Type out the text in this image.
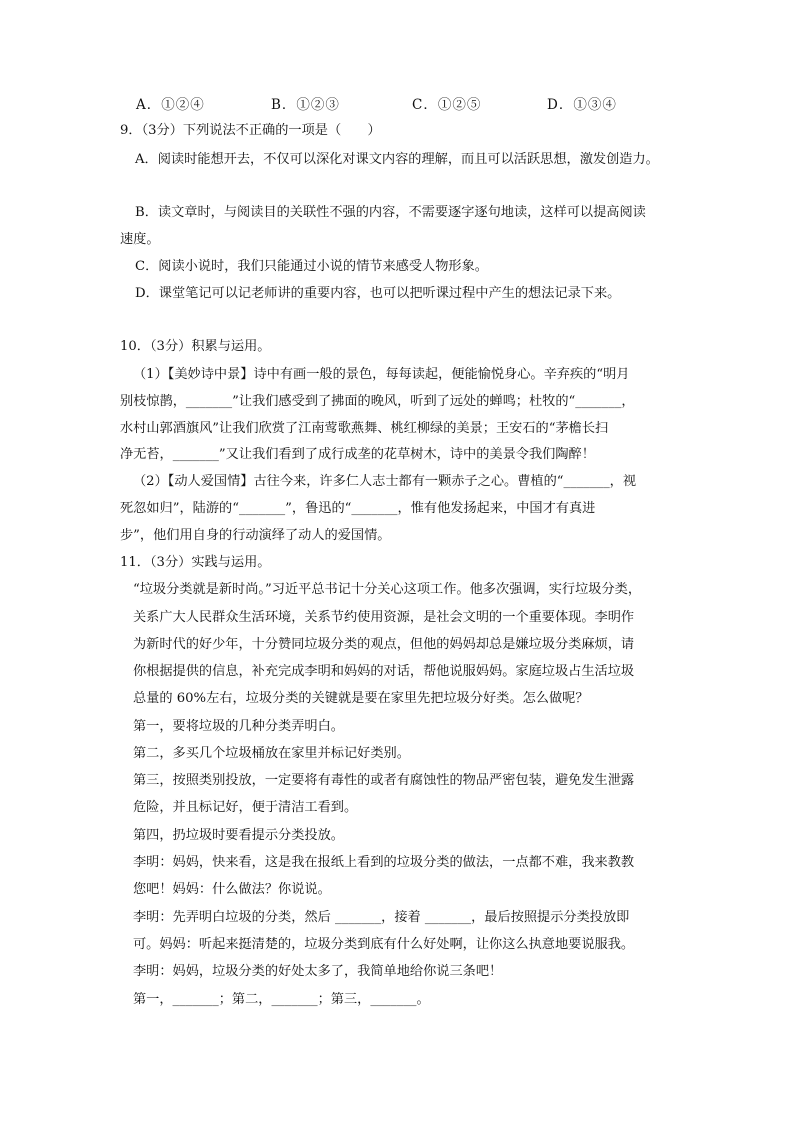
A．①②④	B．①②③	C．①②⑤	D．①③④
9．（3分）下列说法不正确的一项是（　　）
A．阅读时能想开去，不仅可以深化对课文内容的理解，而且可以活跃思想，激发创造力。
B．读文章时，与阅读目的关联性不强的内容，不需要逐字逐句地读，这样可以提高阅读
速度。
C．阅读小说时，我们只能通过小说的情节来感受人物形象。
D．课堂笔记可以记老师讲的重要内容，也可以把听课过程中产生的想法记录下来。
10．（3分）积累与运用。
（1）【美妙诗中景】诗中有画一般的景色，每每读起，便能愉悦身心。辛弃疾的“明月
别枝惊鹊，_______”让我们感受到了拂面的晚风，听到了远处的蝉鸣；杜牧的“_______，
水村山郭酒旗风”让我们欣赏了江南莺歌燕舞、桃红柳绿的美景；王安石的“茅檐长扫
净无苔，_______”又让我们看到了成行成垄的花草树木，诗中的美景令我们陶醉！
（2）【动人爱国情】古往今来，许多仁人志士都有一颗赤子之心。曹植的“_______，视
死忽如归”，陆游的“_______”，鲁迅的“_______，惟有他发扬起来，中国才有真进
步”，他们用自身的行动演绎了动人的爱国情。
11．（3分）实践与运用。
“垃圾分类就是新时尚。”习近平总书记十分关心这项工作。他多次强调，实行垃圾分类，
关系广大人民群众生活环境，关系节约使用资源，是社会文明的一个重要体现。李明作
为新时代的好少年，十分赞同垃圾分类的观点，但他的妈妈却总是嫌垃圾分类麻烦，请
你根据提供的信息，补充完成李明和妈妈的对话，帮他说服妈妈。家庭垃圾占生活垃圾
总量的 60%左右，垃圾分类的关键就是要在家里先把垃圾分好类。怎么做呢？
第一，要将垃圾的几种分类弄明白。
第二，多买几个垃圾桶放在家里并标记好类别。
第三，按照类别投放，一定要将有毒性的或者有腐蚀性的物品严密包装，避免发生泄露
危险，并且标记好，便于清洁工看到。
第四，扔垃圾时要看提示分类投放。
李明：妈妈，快来看，这是我在报纸上看到的垃圾分类的做法，一点都不难，我来教教
您吧！妈妈：什么做法？你说说。
李明：先弄明白垃圾的分类，然后 _______，接着 _______，最后按照提示分类投放即
可。妈妈：听起来挺清楚的，垃圾分类到底有什么好处啊，让你这么执意地要说服我。
李明：妈妈，垃圾分类的好处太多了，我简单地给你说三条吧！
第一，_______；第二，_______；第三，_______。
